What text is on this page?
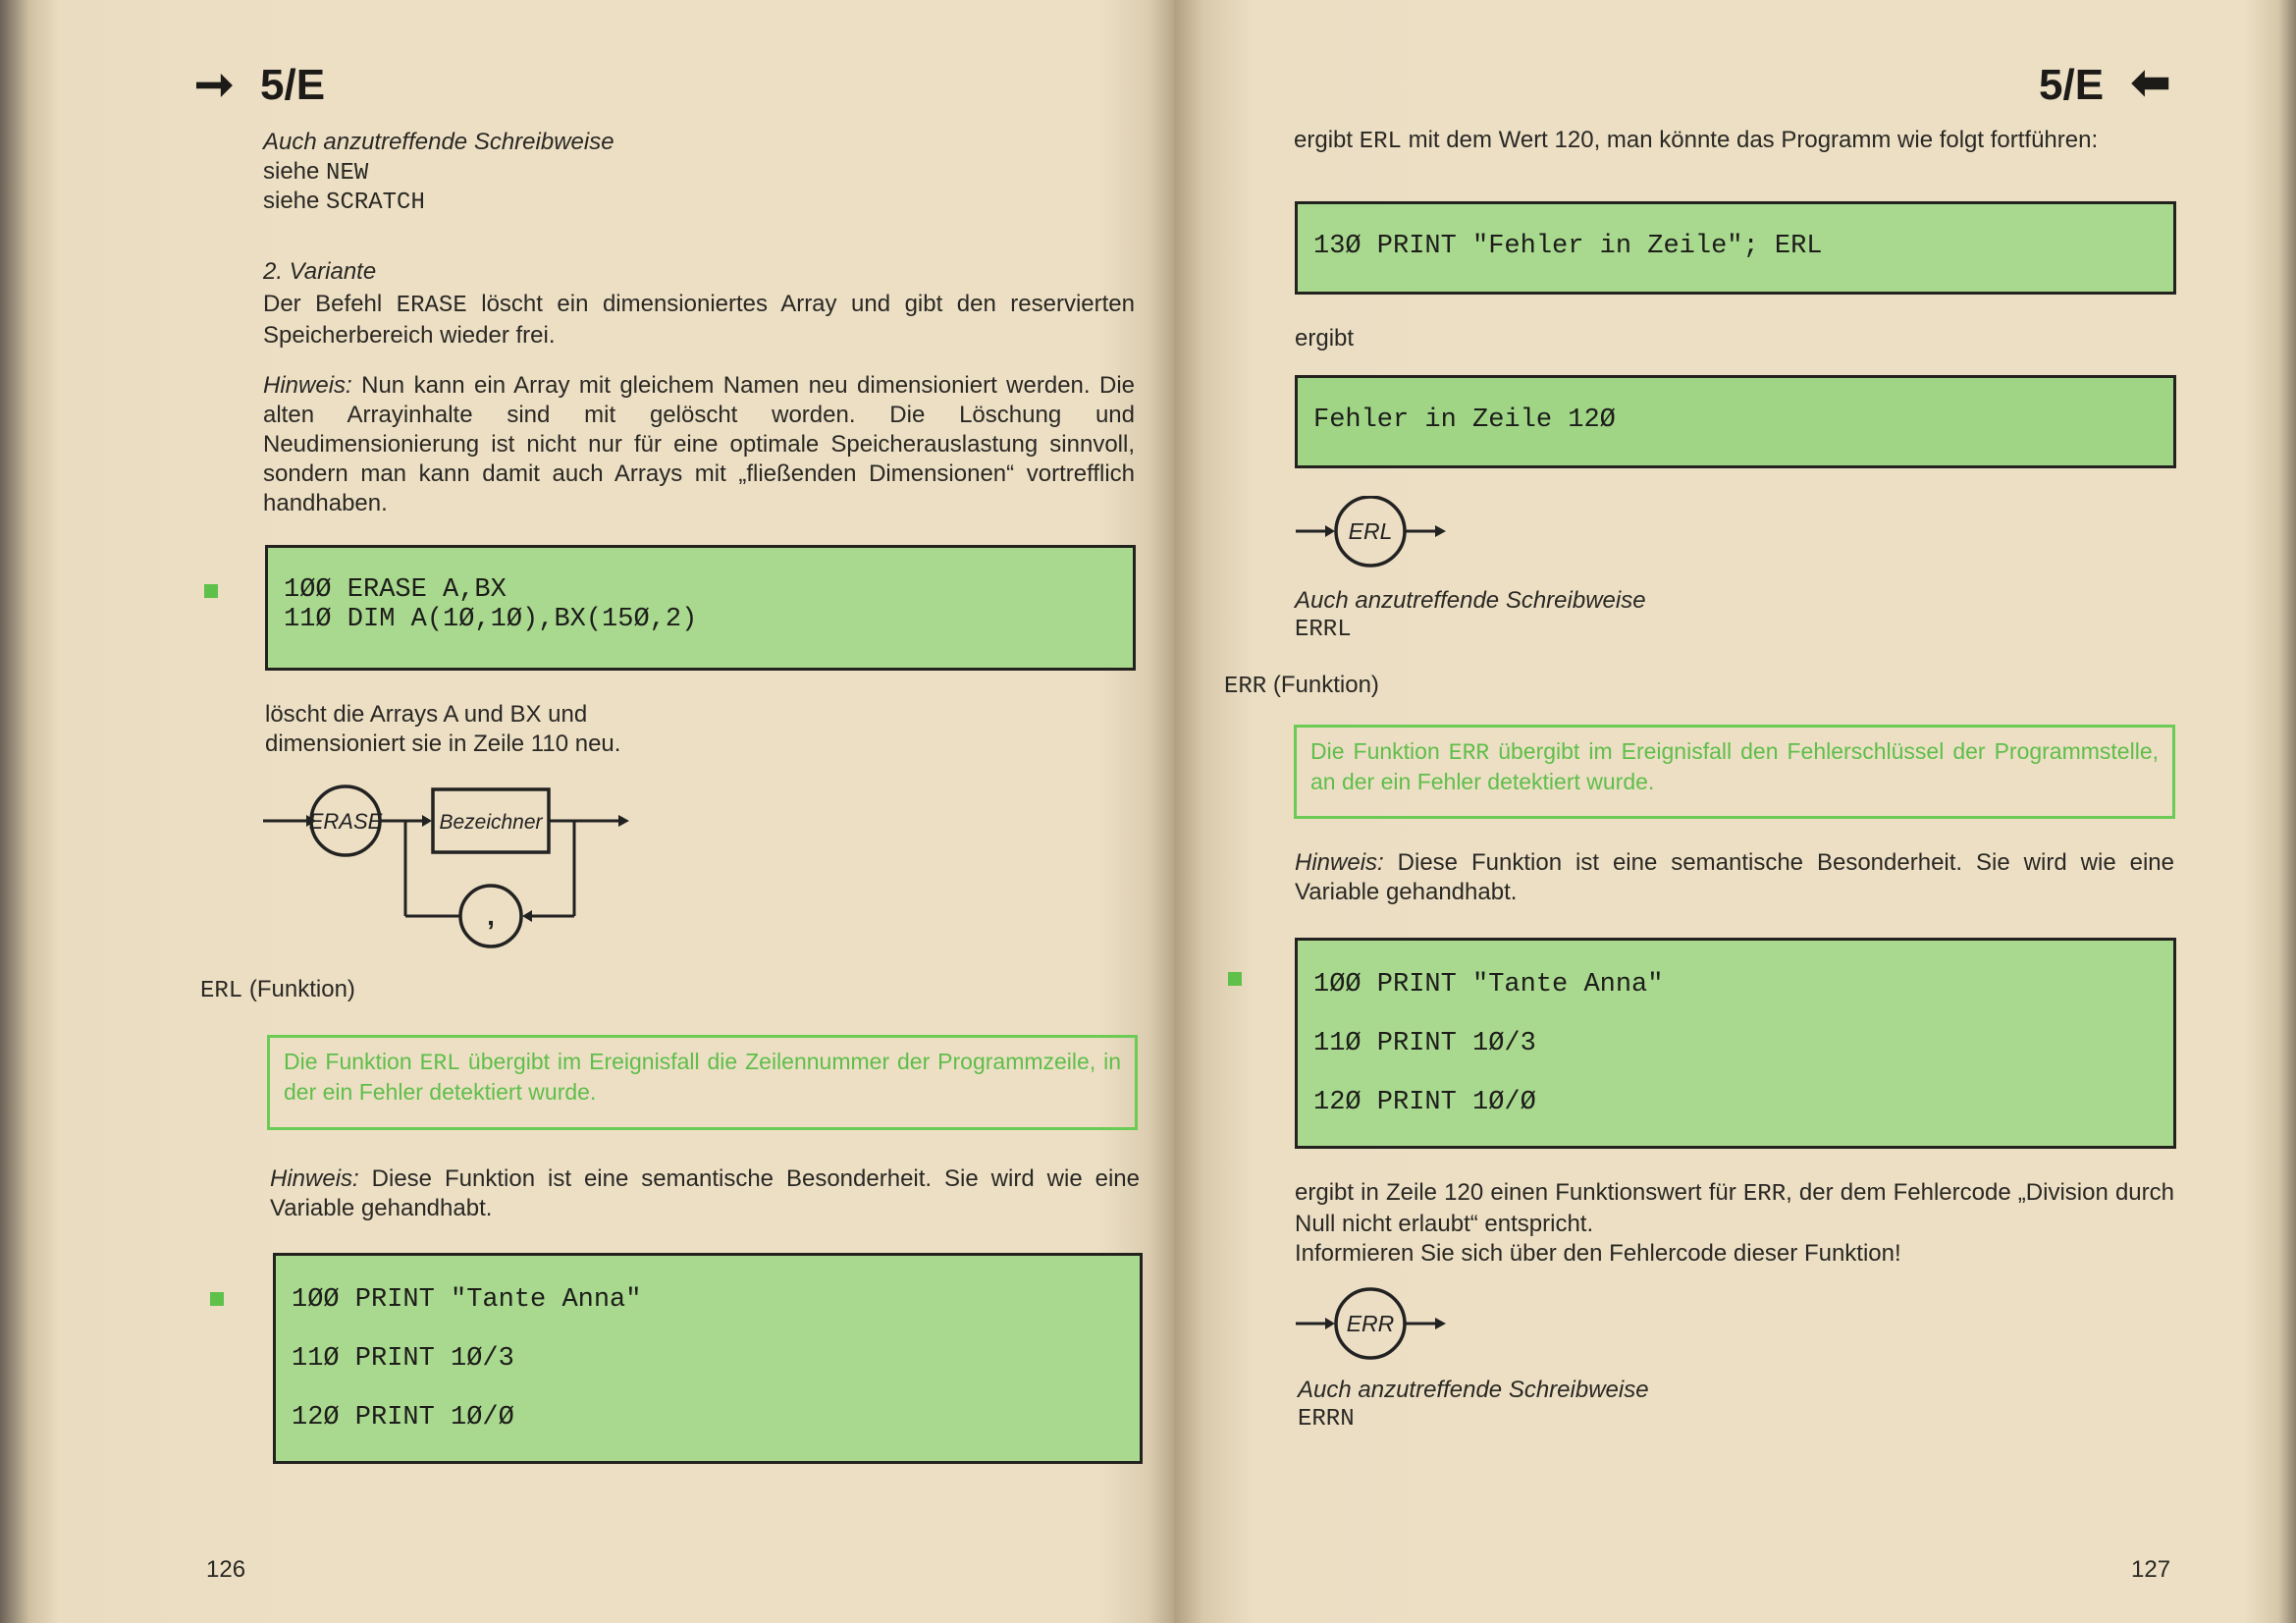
➞ 5/E
Auch anzutreffende Schreibweise
siehe NEW
siehe SCRATCH
2. Variante
Der Befehl ERASE löscht ein dimensioniertes Array und gibt den reservierten Speicherbereich wieder frei.
Hinweis: Nun kann ein Array mit gleichem Namen neu dimensioniert werden. Die alten Arrayinhalte sind mit gelöscht worden. Die Löschung und Neudimensionierung ist nicht nur für eine optimale Speicherauslastung sinnvoll, sondern man kann damit auch Arrays mit „fließenden Dimensionen“ vortrefflich handhaben.
1ØØ ERASE A,BX
11Ø DIM A(1Ø,1Ø),BX(15Ø,2)
löscht die Arrays A und BX und dimensioniert sie in Zeile 110 neu.
ERASE	Bezeichner
,
ERL (Funktion)
Die Funktion ERL übergibt im Ereignisfall die Zeilennummer der Programmzeile, in der ein Fehler detektiert wurde.
Hinweis: Diese Funktion ist eine semantische Besonderheit. Sie wird wie eine Variable gehandhabt.
1ØØ PRINT "Tante Anna"
11Ø PRINT 1Ø/3
12Ø PRINT 1Ø/Ø
126
5/E ⬅
ergibt ERL mit dem Wert 120, man könnte das Programm wie folgt fortführen:
13Ø PRINT "Fehler in Zeile"; ERL
ergibt
Fehler in Zeile 12Ø
ERL
Auch anzutreffende Schreibweise
ERRL
ERR (Funktion)
Die Funktion ERR übergibt im Ereignisfall den Fehlerschlüssel der Programmstelle, an der ein Fehler detektiert wurde.
Hinweis: Diese Funktion ist eine semantische Besonderheit. Sie wird wie eine Variable gehandhabt.
1ØØ PRINT "Tante Anna"
11Ø PRINT 1Ø/3
12Ø PRINT 1Ø/Ø
ergibt in Zeile 120 einen Funktionswert für ERR, der dem Fehlercode „Division durch Null nicht erlaubt“ entspricht.
Informieren Sie sich über den Fehlercode dieser Funktion!
ERR
Auch anzutreffende Schreibweise
ERRN
127
